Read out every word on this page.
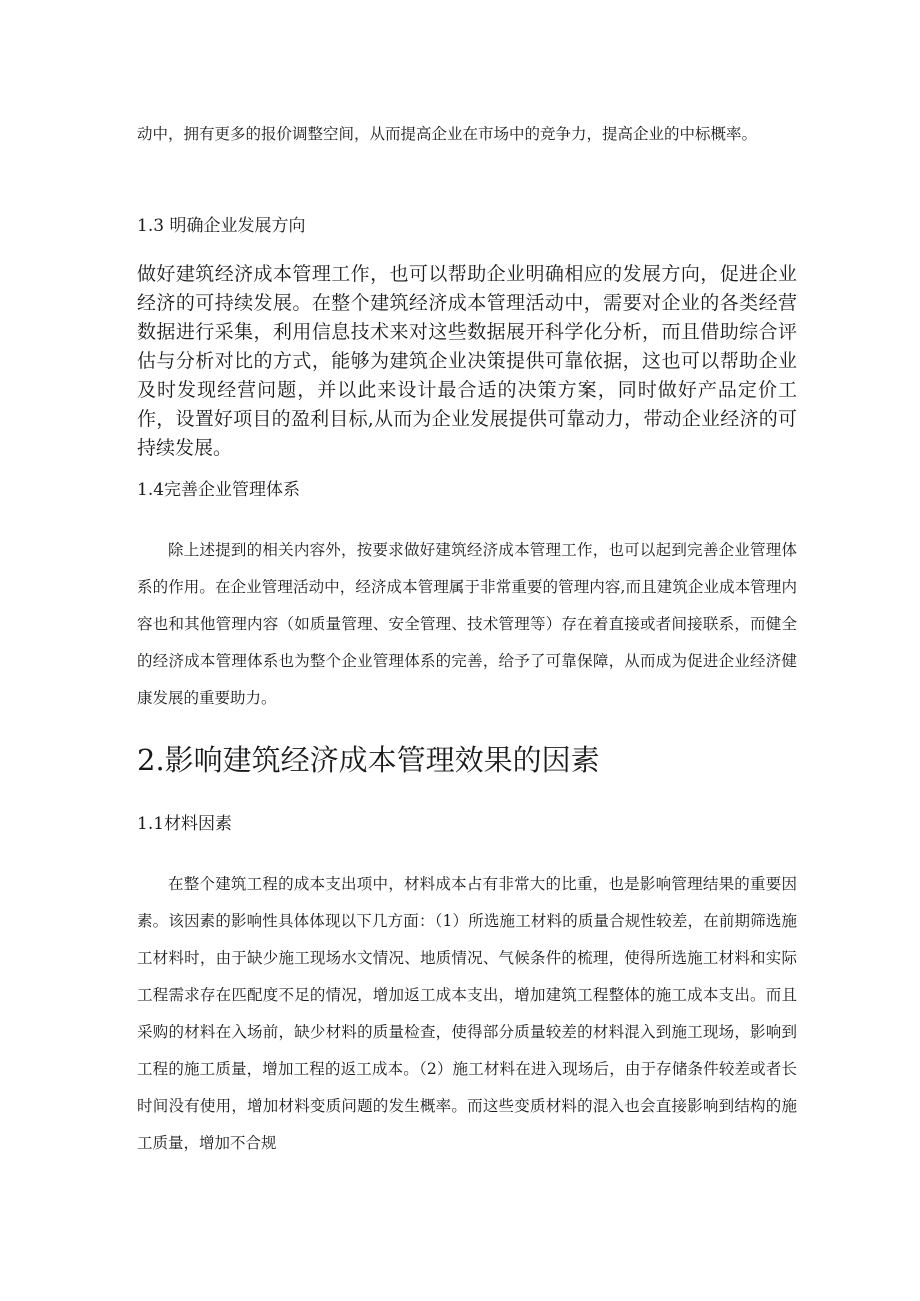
动中，拥有更多的报价调整空间，从而提高企业在市场中的竞争力，提高企业的中标概率。

1.3 明确企业发展方向

做好建筑经济成本管理工作，也可以帮助企业明确相应的发展方向，促进企业经济的可持续发展。在整个建筑经济成本管理活动中，需要对企业的各类经营数据进行采集，利用信息技术来对这些数据展开科学化分析，而且借助综合评估与分析对比的方式，能够为建筑企业决策提供可靠依据，这也可以帮助企业及时发现经营问题，并以此来设计最合适的决策方案，同时做好产品定价工作，设置好项目的盈利目标,从而为企业发展提供可靠动力，带动企业经济的可持续发展。

1.4完善企业管理体系

除上述提到的相关内容外，按要求做好建筑经济成本管理工作，也可以起到完善企业管理体系的作用。在企业管理活动中，经济成本管理属于非常重要的管理内容,而且建筑企业成本管理内容也和其他管理内容（如质量管理、安全管理、技术管理等）存在着直接或者间接联系，而健全的经济成本管理体系也为整个企业管理体系的完善，给予了可靠保障，从而成为促进企业经济健康发展的重要助力。

2.影响建筑经济成本管理效果的因素
1.1材料因素

在整个建筑工程的成本支出项中，材料成本占有非常大的比重，也是影响管理结果的重要因素。该因素的影响性具体体现以下几方面：（1）所选施工材料的质量合规性较差，在前期筛选施工材料时，由于缺少施工现场水文情况、地质情况、气候条件的梳理，使得所选施工材料和实际工程需求存在匹配度不足的情况，增加返工成本支出，增加建筑工程整体的施工成本支出。而且采购的材料在入场前，缺少材料的质量检查，使得部分质量较差的材料混入到施工现场，影响到工程的施工质量，增加工程的返工成本。（2）施工材料在进入现场后，由于存储条件较差或者长时间没有使用，增加材料变质问题的发生概率。而这些变质材料的混入也会直接影响到结构的施工质量，增加不合规
